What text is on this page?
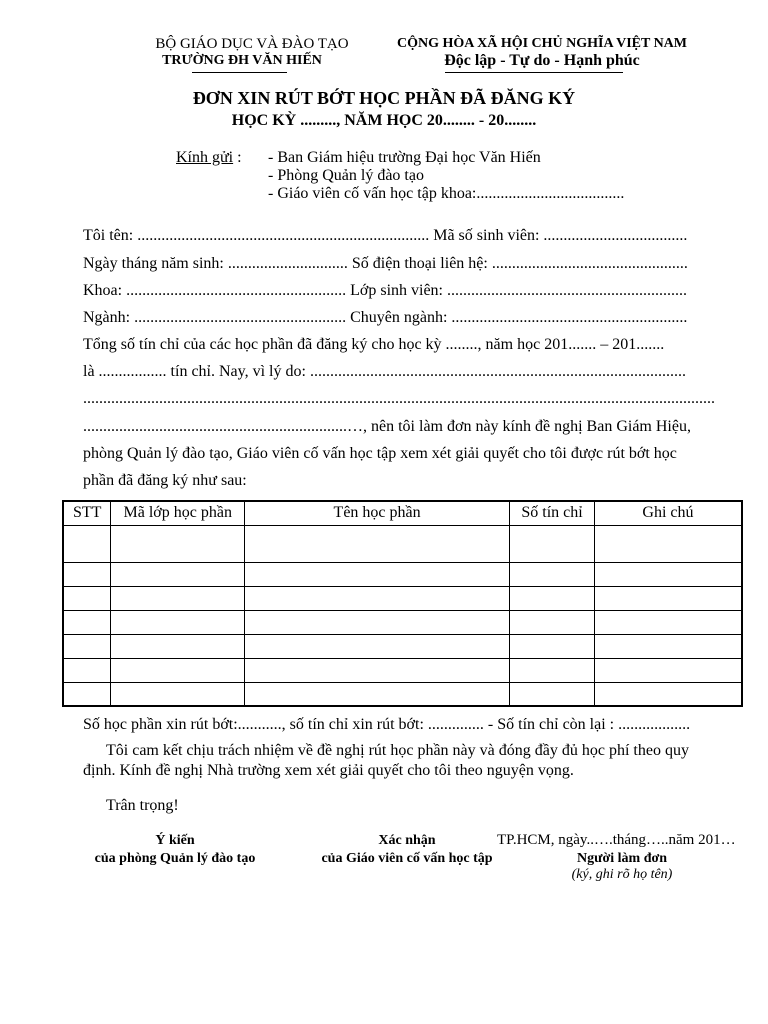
BỘ GIÁO DỤC VÀ ĐÀO TẠO
TRƯỜNG ĐH VĂN HIẾN
CỘNG HÒA XÃ HỘI CHỦ NGHĨA VIỆT NAM
Độc lập - Tự do - Hạnh phúc
ĐƠN XIN RÚT BỚT HỌC PHẦN ĐÃ ĐĂNG KÝ
HỌC KỲ ........., NĂM HỌC 20........ - 20........
Kính gửi : - Ban Giám hiệu trường Đại học Văn Hiến
- Phòng Quản lý đào tạo
- Giáo viên cố vấn học tập khoa:.....................................
Tôi tên: ......................................................................... Mã số sinh viên: ....................................
Ngày tháng năm sinh: .............................. Số điện thoại liên hệ: .................................................
Khoa: ....................................................... Lớp sinh viên: ............................................................
Ngành: ..................................................... Chuyên ngành: ...........................................................
Tổng số tín chỉ của các học phần đã đăng ký cho học kỳ ........, năm học 201....... – 201.......
là ................. tín chỉ. Nay, vì lý do: ..............................................................................................
..............................................................................................................................................................
..................................................................…, nên tôi làm đơn này kính đề nghị Ban Giám Hiệu,
phòng Quản lý đào tạo, Giáo viên cố vấn học tập xem xét giải quyết cho tôi được rút bớt học
phần đã đăng ký như sau:
STT	Mã lớp học phần	Tên học phần	Số tín chỉ	Ghi chú

Số học phần xin rút bớt:..........., số tín chỉ xin rút bớt: .............. - Số tín chỉ còn lại : ..................
Tôi cam kết chịu trách nhiệm về đề nghị rút học phần này và đóng đầy đủ học phí theo quy
định. Kính đề nghị Nhà trường xem xét giải quyết cho tôi theo nguyện vọng.
Trân trọng!
Ý kiến
của phòng Quản lý đào tạo
Xác nhận
của Giáo viên cố vấn học tập
TP.HCM, ngày..….tháng…..năm 201…
Người làm đơn
(ký, ghi rõ họ tên)
